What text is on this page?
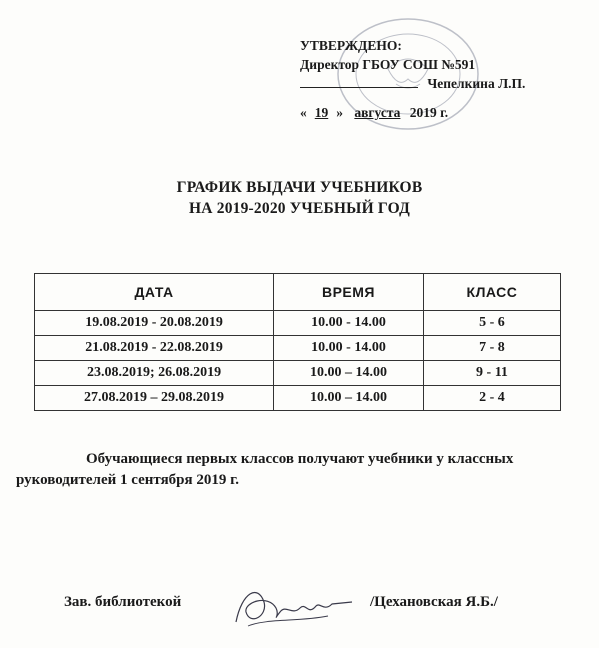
УТВЕРЖДЕНО:
Директор ГБОУ СОШ №591
Чепелкина Л.П.
« 19 » августа 2019 г.
ГРАФИК ВЫДАЧИ УЧЕБНИКОВ
НА 2019-2020 УЧЕБНЫЙ ГОД
ДАТА	ВРЕМЯ	КЛАСС
19.08.2019 - 20.08.2019	10.00 - 14.00	5 - 6
21.08.2019 - 22.08.2019	10.00 - 14.00	7 - 8
23.08.2019; 26.08.2019	10.00 – 14.00	9 - 11
27.08.2019 – 29.08.2019	10.00 – 14.00	2 - 4
Обучающиеся первых классов получают учебники у классных руководителей 1 сентября 2019 г.
Зав. библиотекой	/Цехановская Я.Б./
